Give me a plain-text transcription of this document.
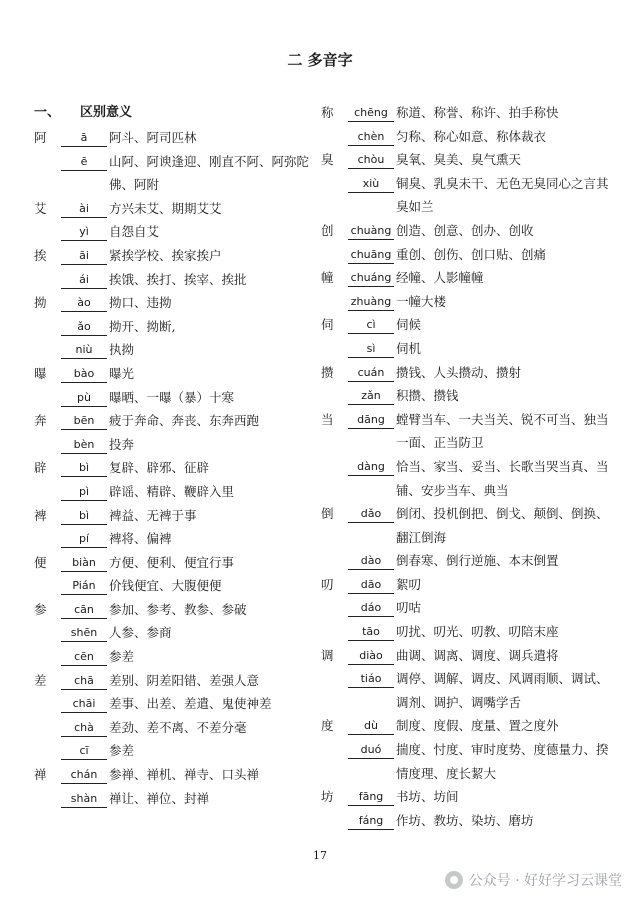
二 多音字
一、 区别意义
阿	ā	阿斗、阿司匹林
ē	山阿、阿谀逢迎、刚直不阿、阿弥陀佛、阿附
艾	ài	方兴未艾、期期艾艾
yì	自怨自艾
挨	āi	紧挨学校、挨家挨户
ái	挨饿、挨打、挨宰、挨批
拗	ào	拗口、违拗
ǎo	拗开、拗断,
niù	执拗
曝	bào	曝光
pù	曝晒、一曝（暴）十寒
奔	bēn	疲于奔命、奔丧、东奔西跑
bèn	投奔
辟	bì	复辟、辟邪、征辟
pì	辟谣、精辟、鞭辟入里
裨	bì	裨益、无裨于事
pí	裨将、偏裨
便	biàn	方便、便利、便宜行事
Pián	价钱便宜、大腹便便
参	cān	参加、参考、教参、参破
shēn 人参、参商
cēn	参差
差	chā	差别、阴差阳错、差强人意
chāi	差事、出差、差遣、鬼使神差
chà	差劲、差不离、不差分毫
cī	参差
禅	chán 参禅、禅机、禅寺、口头禅
shàn 禅让、禅位、封禅
称	chēng 称道、称誉、称许、拍手称快
chèn 匀称、称心如意、称体裁衣
臭	chòu 臭氧、臭美、臭气熏天
xiù	铜臭、乳臭未干、无色无臭同心之言其臭如兰
创	chuàng 创造、创意、创办、创收
chuāng 重创、创伤、创口贴、创痛
幢	chuáng 经幢、人影幢幢
zhuàng 一幢大楼
伺	cì	伺候
sì	伺机
攒	cuán 攒钱、人头攒动、攒射
zǎn	积攒、攒钱
当	dāng 螳臂当车、一夫当关、锐不可当、独当一面、正当防卫
dàng 恰当、家当、妥当、长歌当哭当真、当铺、安步当车、典当
倒	dǎo	倒闭、投机倒把、倒戈、颠倒、倒换、翻江倒海
dào	倒春寒、倒行逆施、本末倒置
叨	dāo	絮叨
dáo	叨咕
tāo	叨扰、叨光、叨教、叨陪末座
调	diào	曲调、调离、调度、调兵遣将
tiáo	调停、调解、调皮、风调雨顺、调试、调剂、调护、调嘴学舌
度	dù	制度、度假、度量、置之度外
duó	揣度、忖度、审时度势、度德量力、揆情度理、度长絜大
坊	fāng	书坊、坊间
fáng	作坊、教坊、染坊、磨坊
17
公众号 · 好好学习云课堂
